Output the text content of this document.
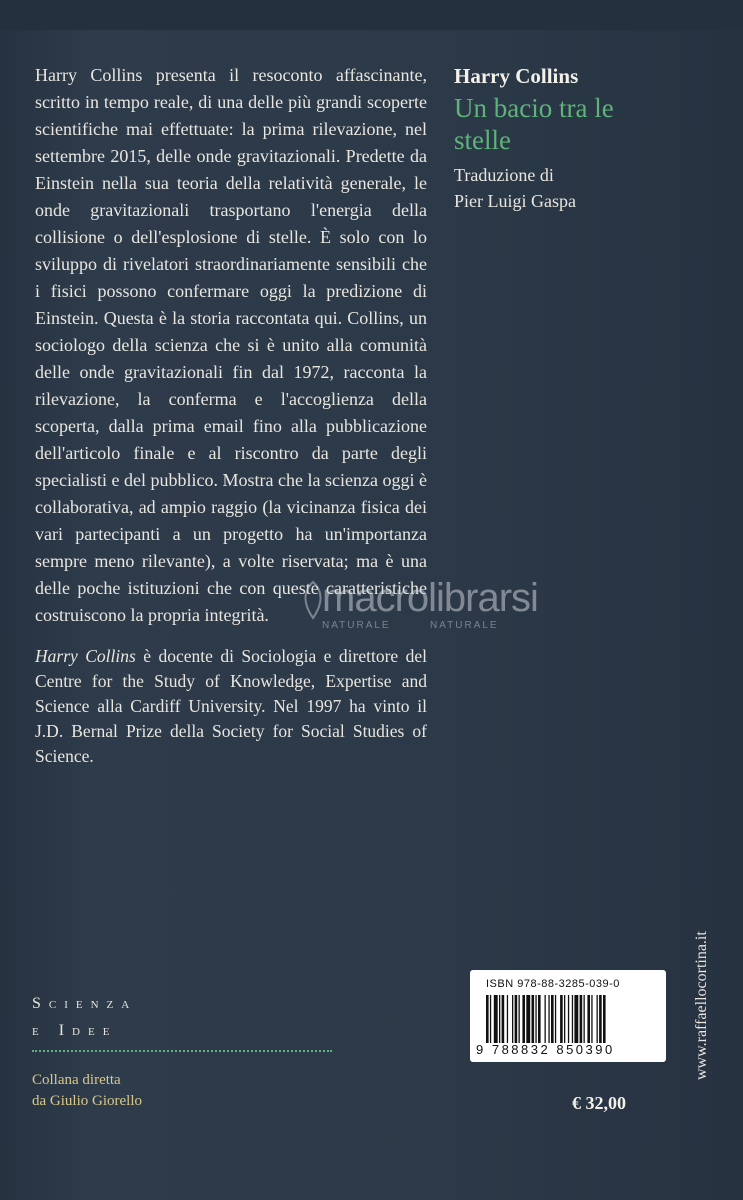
Harry Collins presenta il resoconto affascinante, scritto in tempo reale, di una delle più grandi scoperte scientifiche mai effettuate: la prima rilevazione, nel settembre 2015, delle onde gravitazionali. Predette da Einstein nella sua teoria della relatività generale, le onde gravitazionali trasportano l'energia della collisione o dell'esplosione di stelle. È solo con lo sviluppo di rivelatori straordinariamente sensibili che i fisici possono confermare oggi la predizione di Einstein. Questa è la storia raccontata qui. Collins, un sociologo della scienza che si è unito alla comunità delle onde gravitazionali fin dal 1972, racconta la rilevazione, la conferma e l'accoglienza della scoperta, dalla prima email fino alla pubblicazione dell'articolo finale e al riscontro da parte degli specialisti e del pubblico. Mostra che la scienza oggi è collaborativa, ad ampio raggio (la vicinanza fisica dei vari partecipanti a un progetto ha un'importanza sempre meno rilevante), a volte riservata; ma è una delle poche istituzioni che con queste caratteristiche costruiscono la propria integrità.

Harry Collins è docente di Sociologia e direttore del Centre for the Study of Knowledge, Expertise and Science alla Cardiff University. Nel 1997 ha vinto il J.D. Bernal Prize della Society for Social Studies of Science.

Harry Collins
Un bacio tra le stelle
Traduzione di
Pier Luigi Gaspa
macrolibrarsi
NATURALE	NATURALE
Scienza
e Idee
Collana diretta
da Giulio Giorello
ISBN 978-88-3285-039-0
9 788832 850390
€ 32,00
www.raffaellocortina.it
